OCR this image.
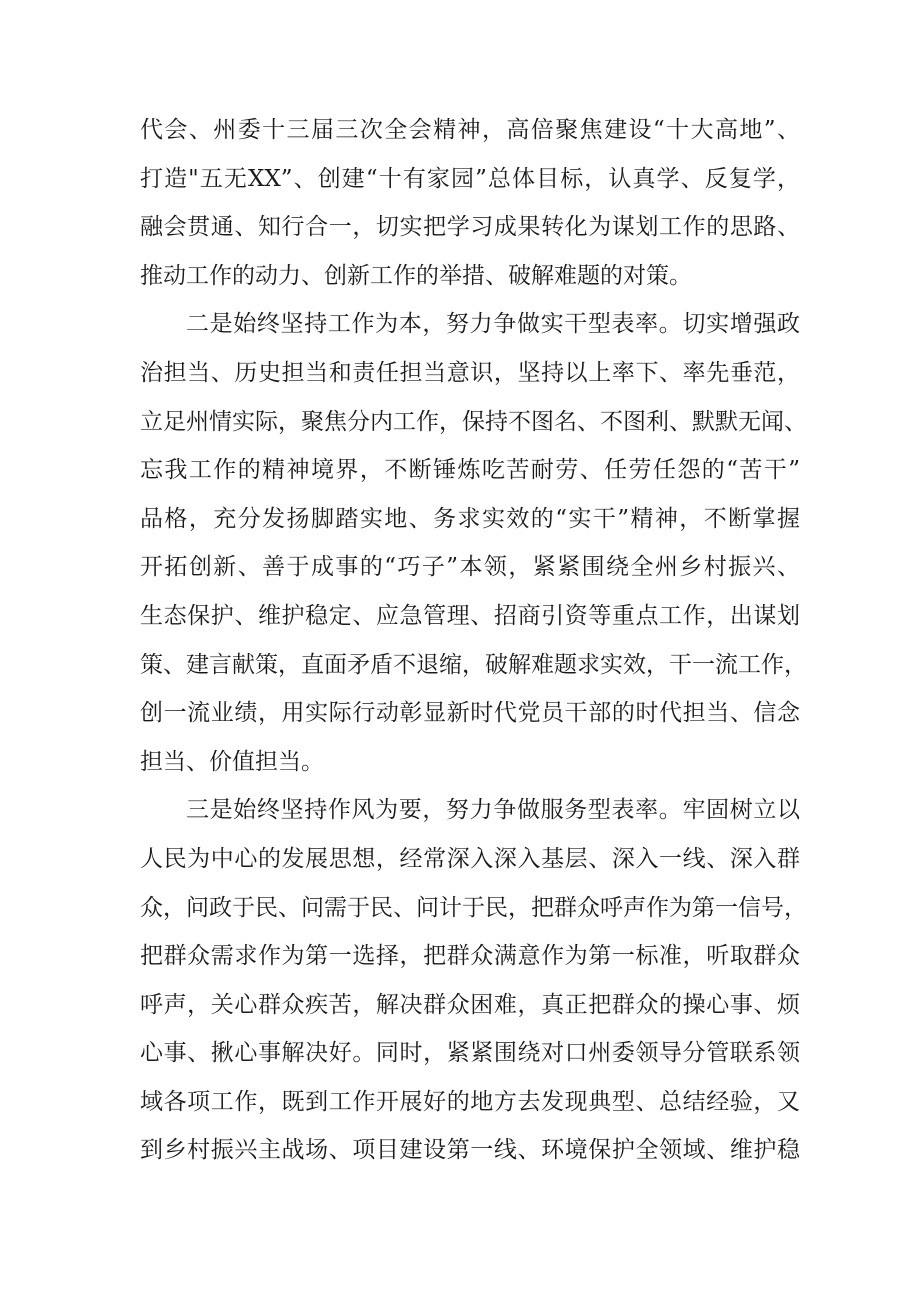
代会、州委十三届三次全会精神，高倍聚焦建设“十大高地”、
打造"五无XX”、创建“十有家园”总体目标，认真学、反复学，
融会贯通、知行合一，切实把学习成果转化为谋划工作的思路、
推动工作的动力、创新工作的举措、破解难题的对策。
二是始终坚持工作为本，努力争做实干型表率。切实增强政
治担当、历史担当和责任担当意识，坚持以上率下、率先垂范，
立足州情实际，聚焦分内工作，保持不图名、不图利、默默无闻、
忘我工作的精神境界，不断锤炼吃苦耐劳、任劳任怨的“苦干”
品格，充分发扬脚踏实地、务求实效的“实干”精神，不断掌握
开拓创新、善于成事的“巧子”本领，紧紧围绕全州乡村振兴、
生态保护、维护稳定、应急管理、招商引资等重点工作，出谋划
策、建言献策，直面矛盾不退缩，破解难题求实效，干一流工作，
创一流业绩，用实际行动彰显新时代党员干部的时代担当、信念
担当、价值担当。
三是始终坚持作风为要，努力争做服务型表率。牢固树立以
人民为中心的发展思想，经常深入深入基层、深入一线、深入群
众，问政于民、问需于民、问计于民，把群众呼声作为第一信号，
把群众需求作为第一选择，把群众满意作为第一标准，听取群众
呼声，关心群众疾苦，解决群众困难，真正把群众的操心事、烦
心事、揪心事解决好。同时，紧紧围绕对口州委领导分管联系领
域各项工作，既到工作开展好的地方去发现典型、总结经验，又
到乡村振兴主战场、项目建设第一线、环境保护全领域、维护稳
